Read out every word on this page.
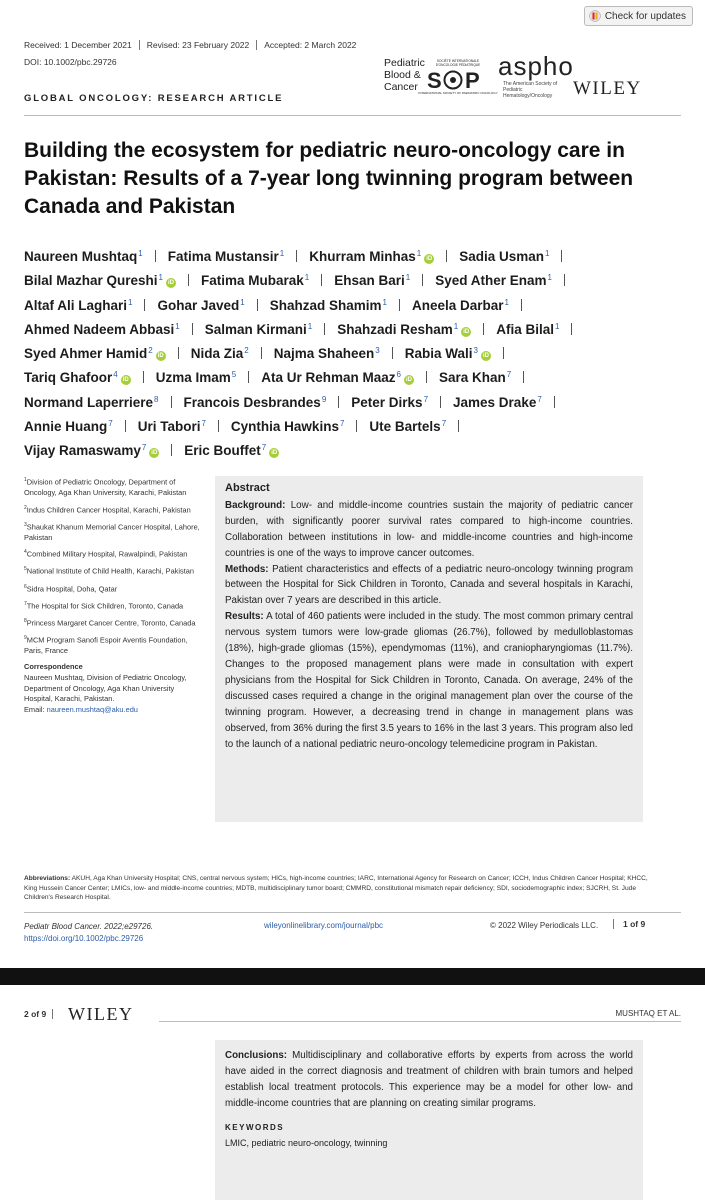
Check for updates
Received: 1 December 2021	Revised: 23 February 2022	Accepted: 2 March 2022
DOI: 10.1002/pbc.29726	Pediatric
Blood &
Cancer
SOCIÉTÉ INTERNATIONALE
D'ONCOLOGIE PÉDIATRIQUE
S P
INTERNATIONAL SOCIETY OF PAEDIATRIC ONCOLOGY
aspho
The American Society of Pediatric Hematology/Oncology	WILEY
GLOBAL ONCOLOGY: RESEARCH ARTICLE
Building the ecosystem for pediatric neuro-oncology care in Pakistan: Results of a 7-year long twinning program between Canada and Pakistan
Naureen Mushtaq$^1$ Fatima Mustansir$^1$ Khurram Minhas$^1$iD Sadia Usman$^1$
Bilal Mazhar Qureshi$^1$iD Fatima Mubarak$^1$ Ehsan Bari$^1$ Syed Ather Enam$^1$
Altaf Ali Laghari$^1$ Gohar Javed$^1$ Shahzad Shamim$^1$ Aneela Darbar$^1$
Ahmed Nadeem Abbasi$^1$ Salman Kirmani$^1$ Shahzadi Resham$^1$iD Afia Bilal$^1$
Syed Ahmer Hamid$^2$iD Nida Zia$^2$ Najma Shaheen$^3$ Rabia Wali$^3$iD
Tariq Ghafoor$^4$iD Uzma Imam$^5$ Ata Ur Rehman Maaz$^6$iD Sara Khan$^7$
Normand Laperriere$^8$ Francois Desbrandes$^9$ Peter Dirks$^7$ James Drake$^7$
Annie Huang$^7$ Uri Tabori$^7$ Cynthia Hawkins$^7$ Ute Bartels$^7$
Vijay Ramaswamy$^7$iD Eric Bouffet$^7$iD
$^1$Division of Pediatric Oncology, Department of Oncology, Aga Khan University, Karachi, Pakistan
$^2$Indus Children Cancer Hospital, Karachi, Pakistan
$^3$Shaukat Khanum Memorial Cancer Hospital, Lahore, Pakistan
$^4$Combined Military Hospital, Rawalpindi, Pakistan
$^5$National Institute of Child Health, Karachi, Pakistan
$^6$Sidra Hospital, Doha, Qatar
$^7$The Hospital for Sick Children, Toronto, Canada
$^8$Princess Margaret Cancer Centre, Toronto, Canada
$^9$MCM Program Sanofi Espoir Aventis Foundation, Paris, France
Correspondence
Naureen Mushtaq, Division of Pediatric Oncology, Department of Oncology, Aga Khan University Hospital, Karachi, Pakistan.
Email: naureen.mushtaq@aku.edu
Abstract

Background: Low- and middle-income countries sustain the majority of pediatric cancer burden, with significantly poorer survival rates compared to high-income countries. Collaboration between institutions in low- and middle-income countries and high-income countries is one of the ways to improve cancer outcomes.

Methods: Patient characteristics and effects of a pediatric neuro-oncology twinning program between the Hospital for Sick Children in Toronto, Canada and several hospitals in Karachi, Pakistan over 7 years are described in this article.

Results: A total of 460 patients were included in the study. The most common primary central nervous system tumors were low-grade gliomas (26.7%), followed by medulloblastomas (18%), high-grade gliomas (15%), ependymomas (11%), and craniopharyngiomas (11.7%). Changes to the proposed management plans were made in consultation with expert physicians from the Hospital for Sick Children in Toronto, Canada. On average, 24% of the discussed cases required a change in the original management plan over the course of the twinning program. However, a decreasing trend in change in management plans was observed, from 36% during the first 3.5 years to 16% in the last 3 years. This program also led to the launch of a national pediatric neuro-oncology telemedicine program in Pakistan.

Abbreviations: AKUH, Aga Khan University Hospital; CNS, central nervous system; HICs, high-income countries; IARC, International Agency for Research on Cancer; ICCH, Indus Children Cancer Hospital; KHCC, King Hussein Cancer Center; LMICs, low- and middle-income countries; MDTB, multidisciplinary tumor board; CMMRD, constitutional mismatch repair deficiency; SDI, sociodemographic index; SJCRH, St. Jude Children's Research Hospital.
Pediatr Blood Cancer. 2022;e29726.
https://doi.org/10.1002/pbc.29726
wileyonlinelibrary.com/journal/pbc	© 2022 Wiley Periodicals LLC.	1 of 9
2 of 9	WILEY	MUSHTAQ ET AL.

Conclusions: Multidisciplinary and collaborative efforts by experts from across the world have aided in the correct diagnosis and treatment of children with brain tumors and helped establish local treatment protocols. This experience may be a model for other low- and middle-income countries that are planning on creating similar programs.

KEYWORDS
LMIC, pediatric neuro-oncology, twinning
